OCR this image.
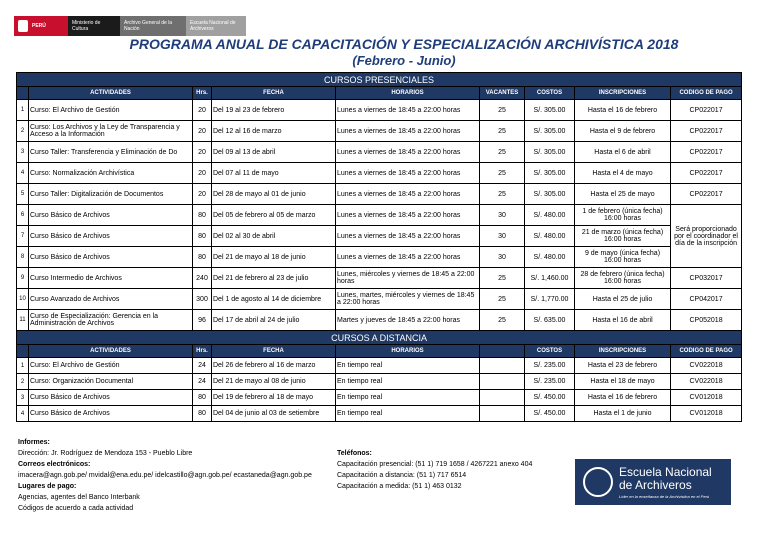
PERÚ	Ministerio de Cultura
Archivo General de la Nación
Escuela Nacional de Archiveros
PROGRAMA ANUAL DE CAPACITACIÓN Y ESPECIALIZACIÓN ARCHIVÍSTICA 2018
(Febrero - Junio)
CURSOS PRESENCIALES								
	ACTIVIDADES	Hrs.	FECHA	HORARIOS	VACANTES	COSTOS	INSCRIPCIONES	CODIGO DE PAGO
1	Curso: El Archivo de Gestión	20	Del 19 al 23 de febrero	Lunes a viernes de 18:45 a 22:00 horas	25	S/. 305.00	Hasta el 16 de febrero	CP022017
2	Curso: Los Archivos y la Ley de Transparencia y Acceso a la Información	20	Del 12 al 16 de marzo	Lunes a viernes de 18:45 a 22:00 horas	25	S/. 305.00	Hasta el 9 de febrero	CP022017
3	Curso Taller: Transferencia y Eliminación de Do	20	Del 09 al 13 de abril	Lunes a viernes de 18:45 a 22:00 horas	25	S/. 305.00	Hasta el 6 de abril	CP022017
4	Curso: Normalización Archivística	20	Del 07 al 11 de mayo	Lunes a viernes de 18:45 a 22:00 horas	25	S/. 305.00	Hasta el 4 de mayo	CP022017
5	Curso Taller: Digitalización de Documentos	20	Del 28 de mayo al 01 de junio	Lunes a viernes de 18:45 a 22:00 horas	25	S/. 305.00	Hasta el 25 de mayo	CP022017
6	Curso Básico de Archivos	80	Del 05 de febrero al 05 de marzo	Lunes a viernes de 18:45 a 22:00 horas	30	S/. 480.00	1 de febrero (única fecha) 16:00 horas	Será proporcionado por el coordinador el día de la inscripción
7	Curso Básico de Archivos	80	Del 02 al 30 de abril	Lunes a viernes de 18:45 a 22:00 horas	30	S/. 480.00	21 de marzo (única fecha) 16:00 horas	
8	Curso Básico de Archivos	80	Del 21 de mayo al 18 de junio	Lunes a viernes de 18:45 a 22:00 horas	30	S/. 480.00	9 de mayo (única fecha) 16:00 horas	
9	Curso Intermedio de Archivos	240	Del 21 de febrero al 23 de julio	Lunes, miércoles y viernes de 18:45 a 22:00 horas	25	S/. 1,460.00	28 de febrero (única fecha) 16:00 horas	CP032017
10	Curso Avanzado de Archivos	300	Del 1 de agosto al 14 de diciembre	Lunes, martes, miércoles y viernes de 18:45 a 22:00 horas	25	S/. 1,770.00	Hasta el 25 de julio	CP042017
11	Curso de Especialización: Gerencia en la Administración de Archivos	96	Del 17 de abril al 24 de julio	Martes y jueves de 18:45 a 22:00 horas	25	S/. 635.00	Hasta el 16 de abril	CP052018
CURSOS A DISTANCIA								
	ACTIVIDADES	Hrs.	FECHA	HORARIOS		COSTOS	INSCRIPCIONES	CODIGO DE PAGO
1	Curso: El Archivo de Gestión	24	Del 26 de febrero al 16 de marzo	En tiempo real		S/. 235.00	Hasta el 23 de febrero	CV022018
2	Curso: Organización Documental	24	Del 21 de mayo al 08 de junio	En tiempo real		S/. 235.00	Hasta el 18 de mayo	CV022018
3	Curso Básico de Archivos	80	Del 19 de febrero al 18 de mayo	En tiempo real		S/. 450.00	Hasta el 16 de febrero	CV012018
4	Curso Básico de Archivos	80	Del 04 de junio al 03 de setiembre	En tiempo real		S/. 450.00	Hasta el 1 de junio	CV012018
Informes:
Dirección: Jr. Rodríguez de Mendoza 153 - Pueblo Libre
Correos electrónicos:
imacera@agn.gob.pe/ mvidal@ena.edu.pe/ idelcastillo@agn.gob.pe/ ecastaneda@agn.gob.pe
Lugares de pago:
Agencias, agentes del Banco Interbank
Códigos de acuerdo a cada actividad
Teléfonos:
Capacitación presencial: (51 1) 719 1658 / 4267221 anexo 404
Capacitación a distancia: (51 1) 717 6514
Capacitación a medida: (51 1) 463 0132
Escuela Nacional
de Archiveros
Líder en la enseñanza de la Archivística en el Perú
